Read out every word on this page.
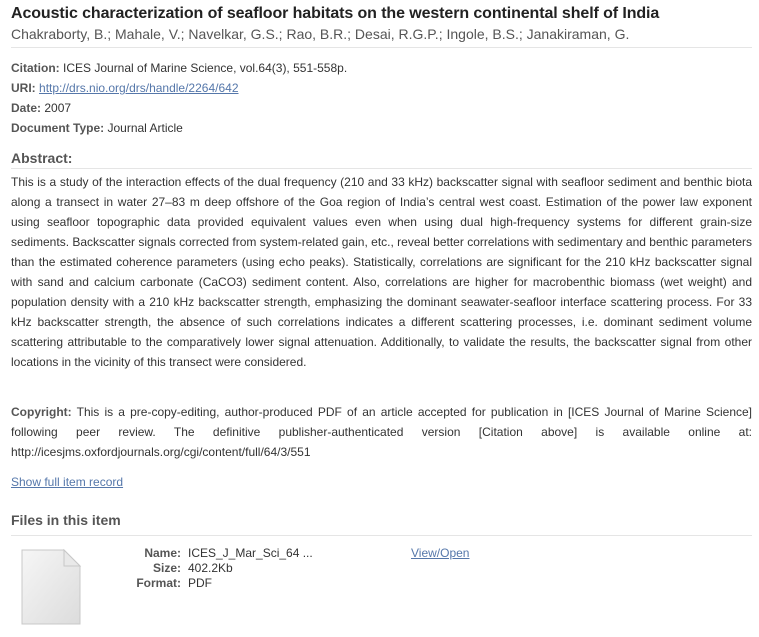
Acoustic characterization of seafloor habitats on the western continental shelf of India
Chakraborty, B.; Mahale, V.; Navelkar, G.S.; Rao, B.R.; Desai, R.G.P.; Ingole, B.S.; Janakiraman, G.
Citation: ICES Journal of Marine Science, vol.64(3), 551-558p.
URI: http://drs.nio.org/drs/handle/2264/642
Date: 2007
Document Type: Journal Article
Abstract:
This is a study of the interaction effects of the dual frequency (210 and 33 kHz) backscatter signal with seafloor sediment and benthic biota along a transect in water 27–83 m deep offshore of the Goa region of India’s central west coast. Estimation of the power law exponent using seafloor topographic data provided equivalent values even when using dual high-frequency systems for different grain-size sediments. Backscatter signals corrected from system-related gain, etc., reveal better correlations with sedimentary and benthic parameters than the estimated coherence parameters (using echo peaks). Statistically, correlations are significant for the 210 kHz backscatter signal with sand and calcium carbonate (CaCO3) sediment content. Also, correlations are higher for macrobenthic biomass (wet weight) and population density with a 210 kHz backscatter strength, emphasizing the dominant seawater-seafloor interface scattering process. For 33 kHz backscatter strength, the absence of such correlations indicates a different scattering processes, i.e. dominant sediment volume scattering attributable to the comparatively lower signal attenuation. Additionally, to validate the results, the backscatter signal from other locations in the vicinity of this transect were considered.
Copyright: This is a pre-copy-editing, author-produced PDF of an article accepted for publication in [ICES Journal of Marine Science] following peer review. The definitive publisher-authenticated version [Citation above] is available online at: http://icesjms.oxfordjournals.org/cgi/content/full/64/3/551
Show full item record
Files in this item
Name: ICES_J_Mar_Sci_64 ...
Size: 402.2Kb
Format: PDF
View/Open
